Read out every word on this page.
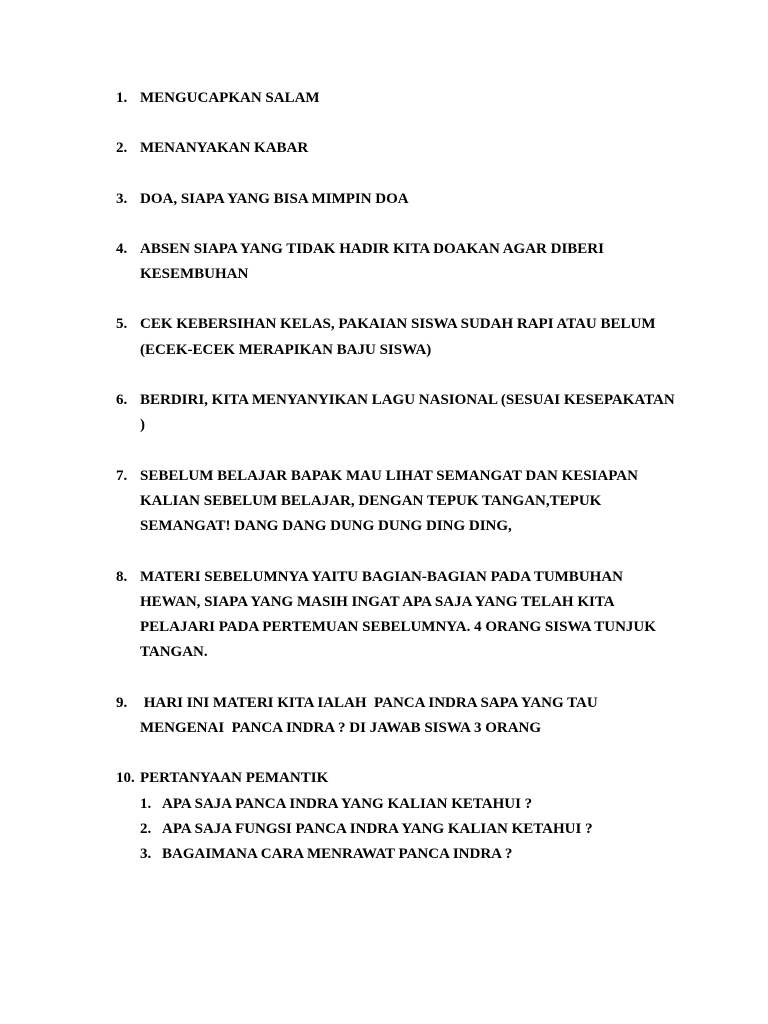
1. MENGUCAPKAN SALAM
2. MENANYAKAN KABAR
3. DOA, SIAPA YANG BISA MIMPIN DOA
4. ABSEN SIAPA YANG TIDAK HADIR KITA DOAKAN AGAR DIBERI KESEMBUHAN
5. CEK KEBERSIHAN KELAS, PAKAIAN SISWA SUDAH RAPI ATAU BELUM (ECEK-ECEK MERAPIKAN BAJU SISWA)
6. BERDIRI, KITA MENYANYIKAN LAGU NASIONAL (SESUAI KESEPAKATAN )
7. SEBELUM BELAJAR BAPAK MAU LIHAT SEMANGAT DAN KESIAPAN KALIAN SEBELUM BELAJAR, DENGAN TEPUK TANGAN,TEPUK SEMANGAT! DANG DANG DUNG DUNG DING DING,
8. MATERI SEBELUMNYA YAITU BAGIAN-BAGIAN PADA TUMBUHAN HEWAN, SIAPA YANG MASIH INGAT APA SAJA YANG TELAH KITA PELAJARI PADA PERTEMUAN SEBELUMNYA. 4 ORANG SISWA TUNJUK TANGAN.
9. HARI INI MATERI KITA IALAH  PANCA INDRA SAPA YANG TAU MENGENAI  PANCA INDRA ? DI JAWAB SISWA 3 ORANG
10. PERTANYAAN PEMANTIK
1. APA SAJA PANCA INDRA YANG KALIAN KETAHUI ?
2. APA SAJA FUNGSI PANCA INDRA YANG KALIAN KETAHUI ?
3. BAGAIMANA CARA MENRAWAT PANCA INDRA ?
